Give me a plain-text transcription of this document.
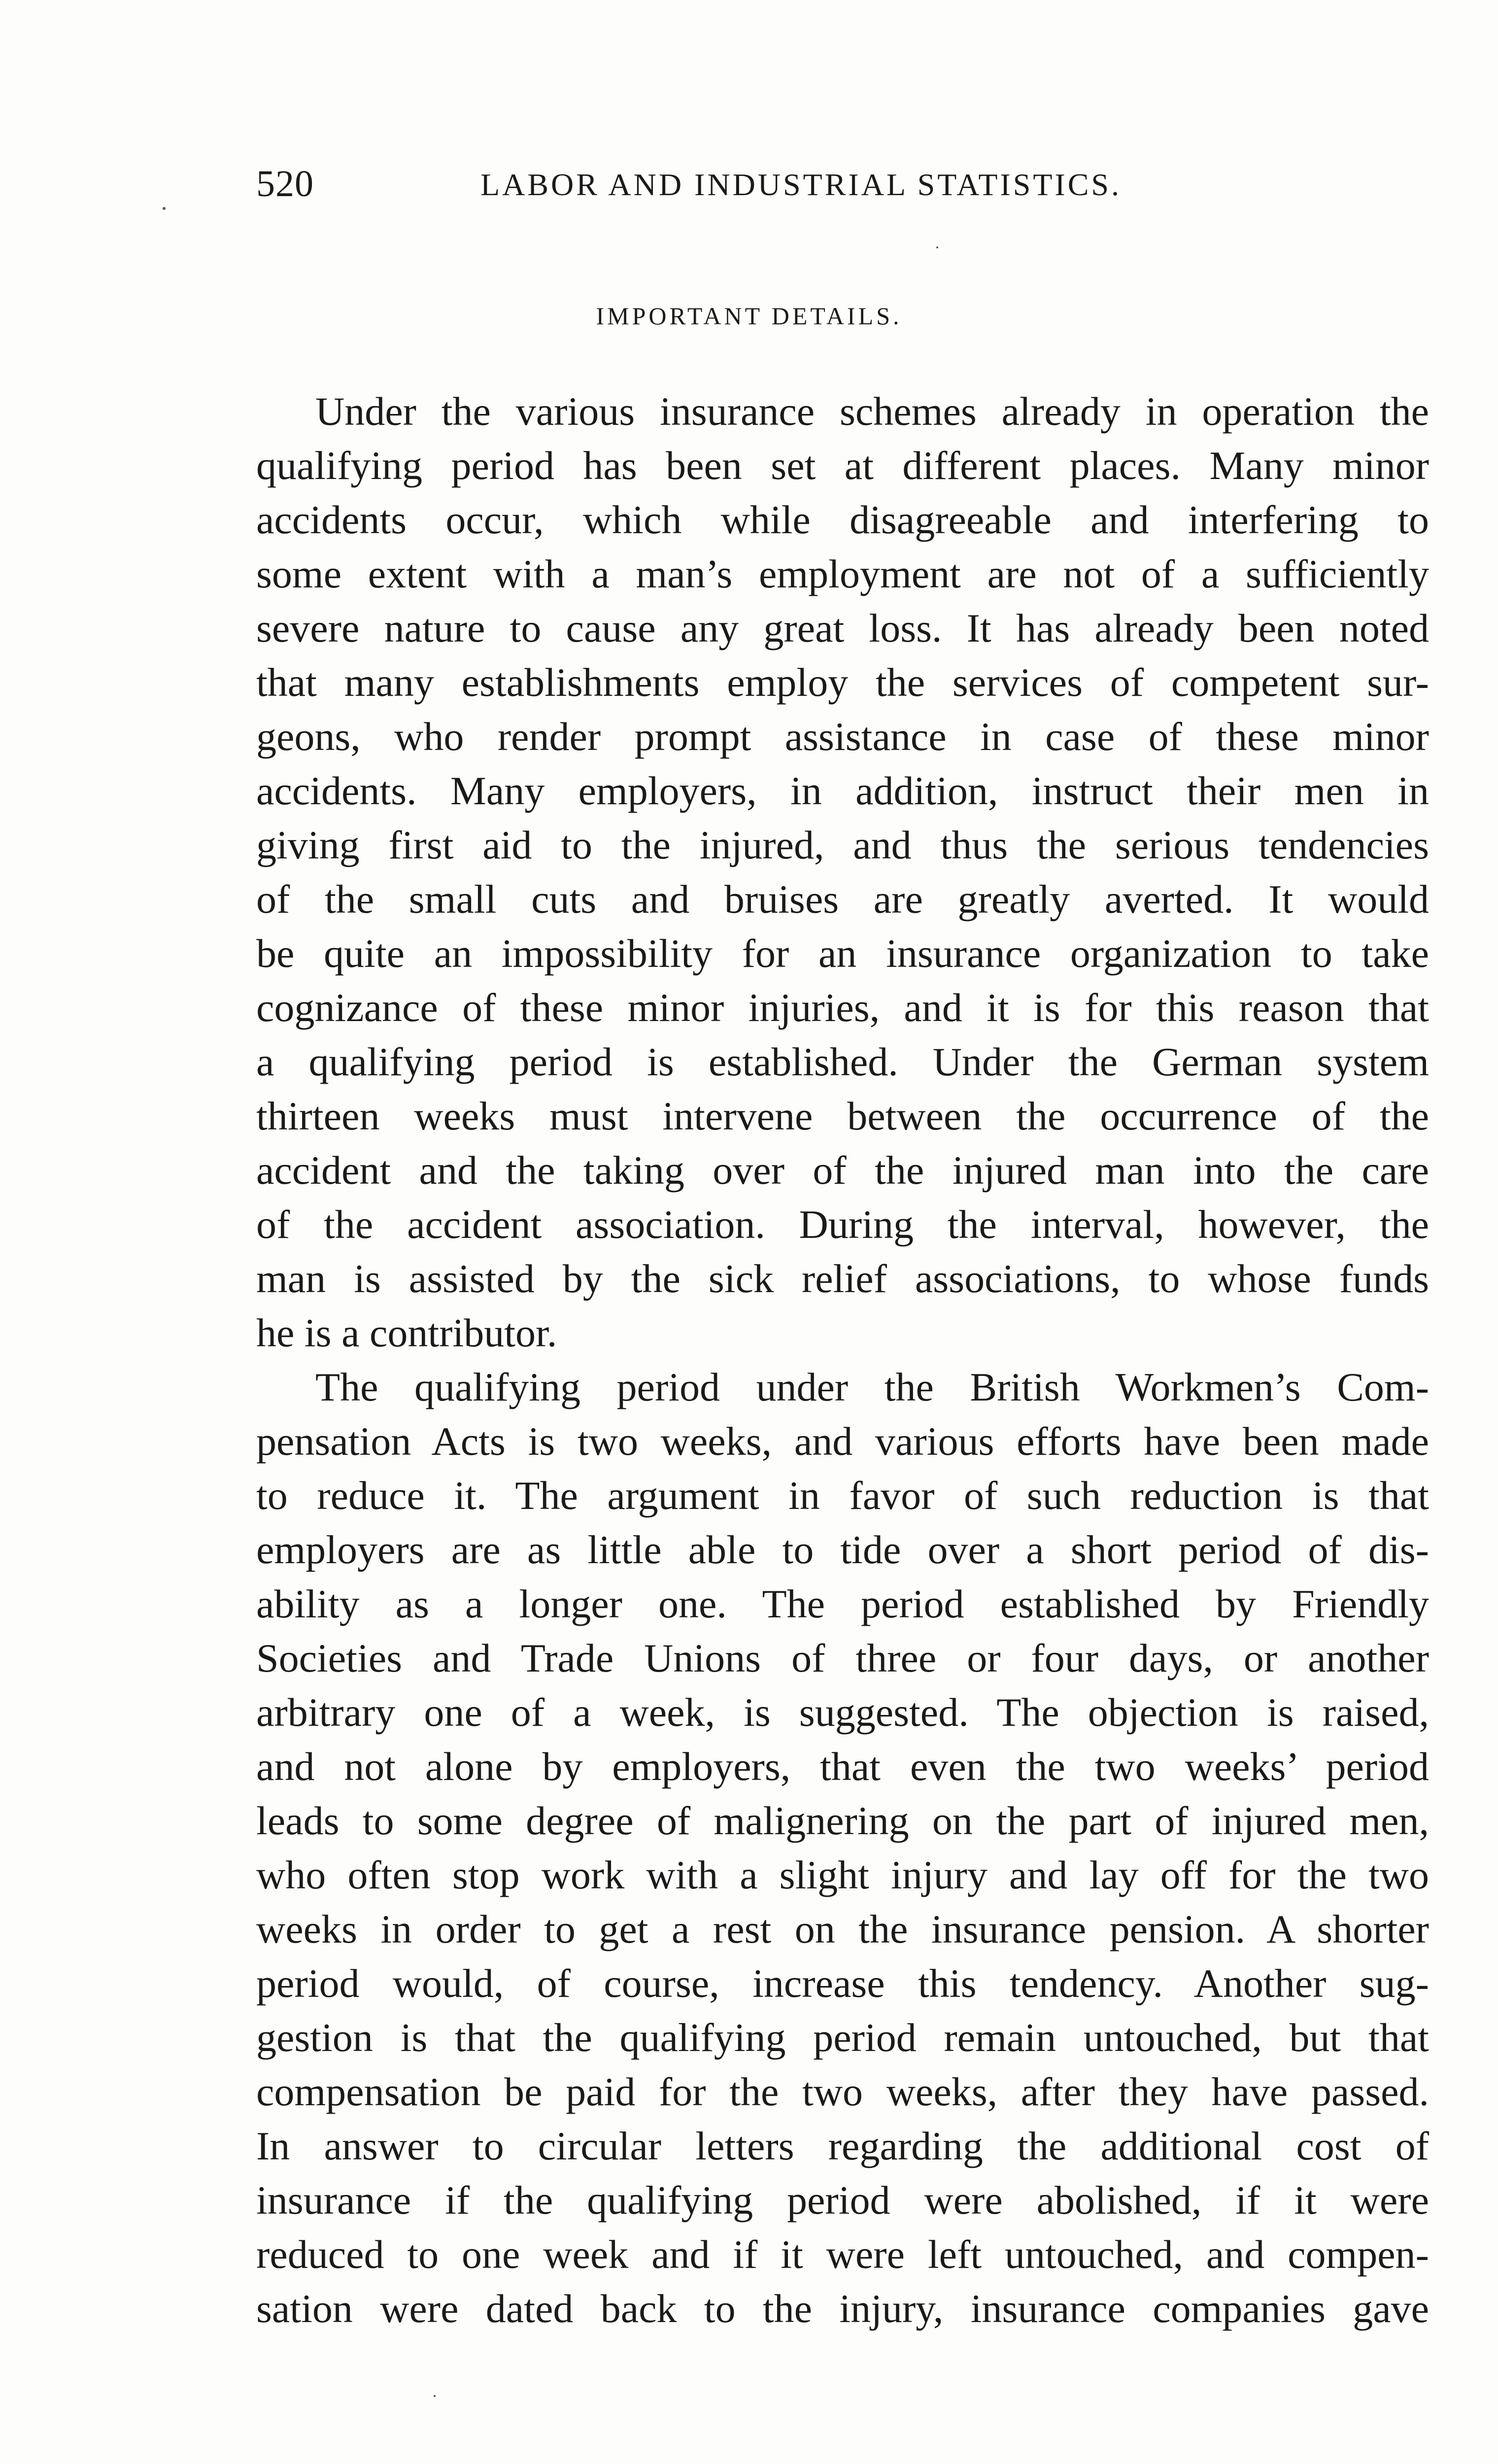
520	LABOR AND INDUSTRIAL STATISTICS.
IMPORTANT DETAILS.
Under the various insurance schemes already in operation the
qualifying period has been set at different places. Many minor
accidents occur, which while disagreeable and interfering to
some extent with a man’s employment are not of a sufficiently
severe nature to cause any great loss. It has already been noted
that many establishments employ the services of competent sur-
geons, who render prompt assistance in case of these minor
accidents. Many employers, in addition, instruct their men in
giving first aid to the injured, and thus the serious tendencies
of the small cuts and bruises are greatly averted. It would
be quite an impossibility for an insurance organization to take
cognizance of these minor injuries, and it is for this reason that
a qualifying period is established. Under the German system
thirteen weeks must intervene between the occurrence of the
accident and the taking over of the injured man into the care
of the accident association. During the interval, however, the
man is assisted by the sick relief associations, to whose funds
he is a contributor.
The qualifying period under the British Workmen’s Com-
pensation Acts is two weeks, and various efforts have been made
to reduce it. The argument in favor of such reduction is that
employers are as little able to tide over a short period of dis-
ability as a longer one. The period established by Friendly
Societies and Trade Unions of three or four days, or another
arbitrary one of a week, is suggested. The objection is raised,
and not alone by employers, that even the two weeks’ period
leads to some degree of malignering on the part of injured men,
who often stop work with a slight injury and lay off for the two
weeks in order to get a rest on the insurance pension. A shorter
period would, of course, increase this tendency. Another sug-
gestion is that the qualifying period remain untouched, but that
compensation be paid for the two weeks, after they have passed.
In answer to circular letters regarding the additional cost of
insurance if the qualifying period were abolished, if it were
reduced to one week and if it were left untouched, and compen-
sation were dated back to the injury, insurance companies gave
